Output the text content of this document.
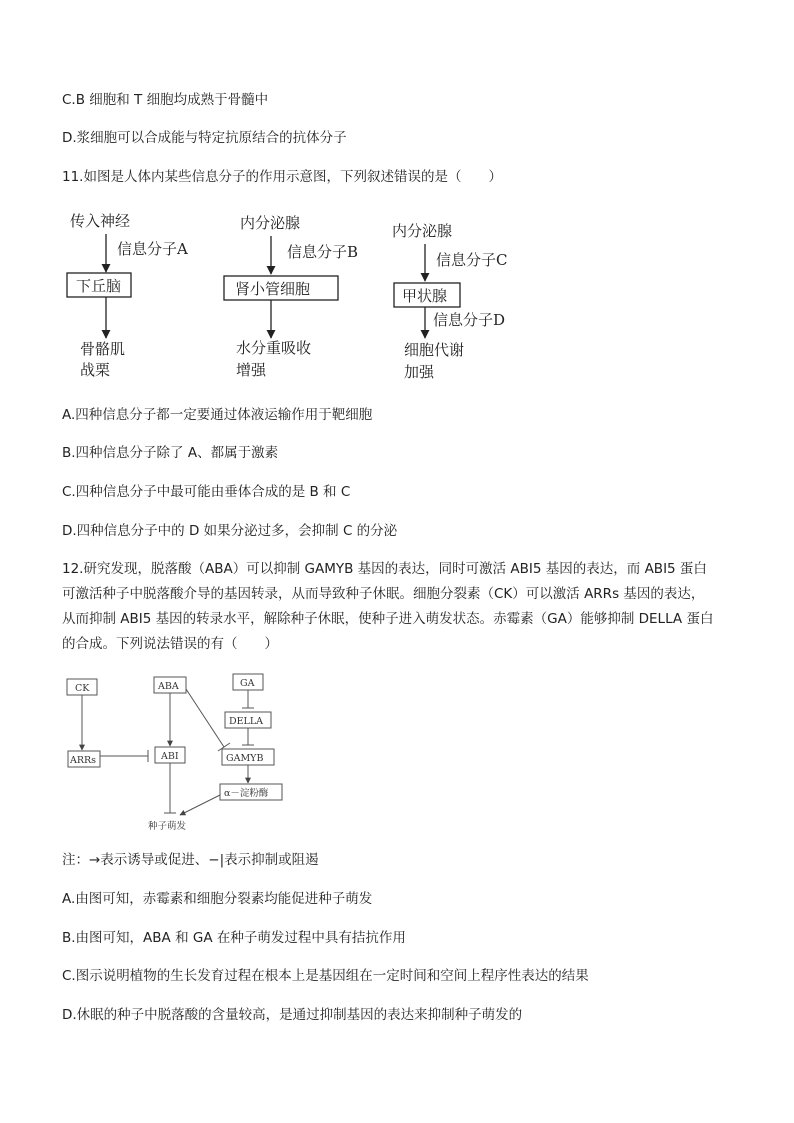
C.B 细胞和 T 细胞均成熟于骨髓中
D.浆细胞可以合成能与特定抗原结合的抗体分子
11.如图是人体内某些信息分子的作用示意图，下列叙述错误的是（　　）
传入神经
信息分子A
下丘脑
骨骼肌
战栗
内分泌腺
信息分子B
肾小管细胞
水分重吸收
增强
内分泌腺
信息分子C
甲状腺
信息分子D
细胞代谢
加强
A.四种信息分子都一定要通过体液运输作用于靶细胞
B.四种信息分子除了 A、都属于激素
C.四种信息分子中最可能由垂体合成的是 B 和 C
D.四种信息分子中的 D 如果分泌过多，会抑制 C 的分泌
12.研究发现，脱落酸（ABA）可以抑制 GAMYB 基因的表达，同时可激活 ABI5 基因的表达，而 ABI5 蛋白
可激活种子中脱落酸介导的基因转录，从而导致种子休眠。细胞分裂素（CK）可以激活 ARRs 基因的表达，
从而抑制 ABI5 基因的转录水平，解除种子休眠，使种子进入萌发状态。赤霉素（GA）能够抑制 DELLA 蛋白
的合成。下列说法错误的有（　　）
CK	ABA	GA
DELLA
ARRs	ABI	GAMYB
α－淀粉酶
种子萌发
注：→表示诱导或促进、−|表示抑制或阻遏
A.由图可知，赤霉素和细胞分裂素均能促进种子萌发
B.由图可知，ABA 和 GA 在种子萌发过程中具有拮抗作用
C.图示说明植物的生长发育过程在根本上是基因组在一定时间和空间上程序性表达的结果
D.休眠的种子中脱落酸的含量较高，是通过抑制基因的表达来抑制种子萌发的
